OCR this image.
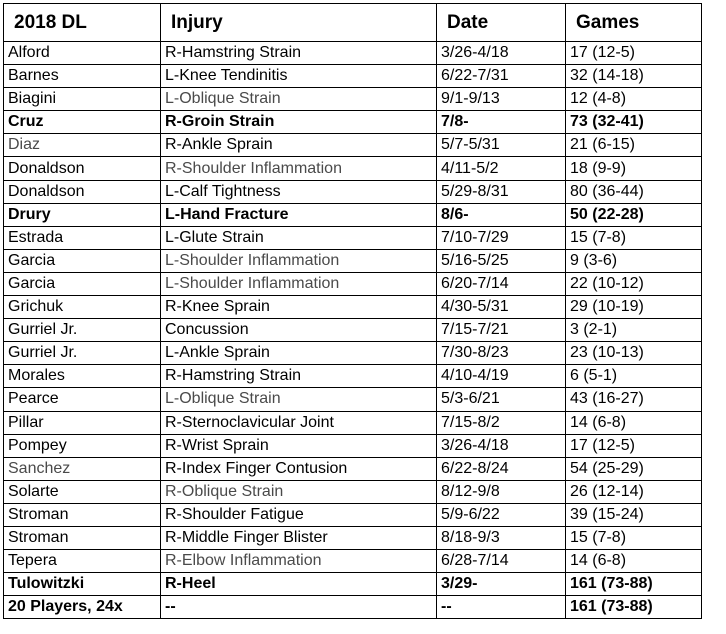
2018 DL	Injury	Date	Games
Alford	R-Hamstring Strain	3/26-4/18	17 (12-5)
Barnes	L-Knee Tendinitis	6/22-7/31	32 (14-18)
Biagini	L-Oblique Strain	9/1-9/13	12 (4-8)
Cruz	R-Groin Strain	7/8-	73 (32-41)
Diaz	R-Ankle Sprain	5/7-5/31	21 (6-15)
Donaldson	R-Shoulder Inflammation	4/11-5/2	18 (9-9)
Donaldson	L-Calf Tightness	5/29-8/31	80 (36-44)
Drury	L-Hand Fracture	8/6-	50 (22-28)
Estrada	L-Glute Strain	7/10-7/29	15 (7-8)
Garcia	L-Shoulder Inflammation	5/16-5/25	9 (3-6)
Garcia	L-Shoulder Inflammation	6/20-7/14	22 (10-12)
Grichuk	R-Knee Sprain	4/30-5/31	29 (10-19)
Gurriel Jr.	Concussion	7/15-7/21	3 (2-1)
Gurriel Jr.	L-Ankle Sprain	7/30-8/23	23 (10-13)
Morales	R-Hamstring Strain	4/10-4/19	6 (5-1)
Pearce	L-Oblique Strain	5/3-6/21	43 (16-27)
Pillar	R-Sternoclavicular Joint	7/15-8/2	14 (6-8)
Pompey	R-Wrist Sprain	3/26-4/18	17 (12-5)
Sanchez	R-Index Finger Contusion	6/22-8/24	54 (25-29)
Solarte	R-Oblique Strain	8/12-9/8	26 (12-14)
Stroman	R-Shoulder Fatigue	5/9-6/22	39 (15-24)
Stroman	R-Middle Finger Blister	8/18-9/3	15 (7-8)
Tepera	R-Elbow Inflammation	6/28-7/14	14 (6-8)
Tulowitzki	R-Heel	3/29-	161 (73-88)
20 Players, 24x	--	--	161 (73-88)
